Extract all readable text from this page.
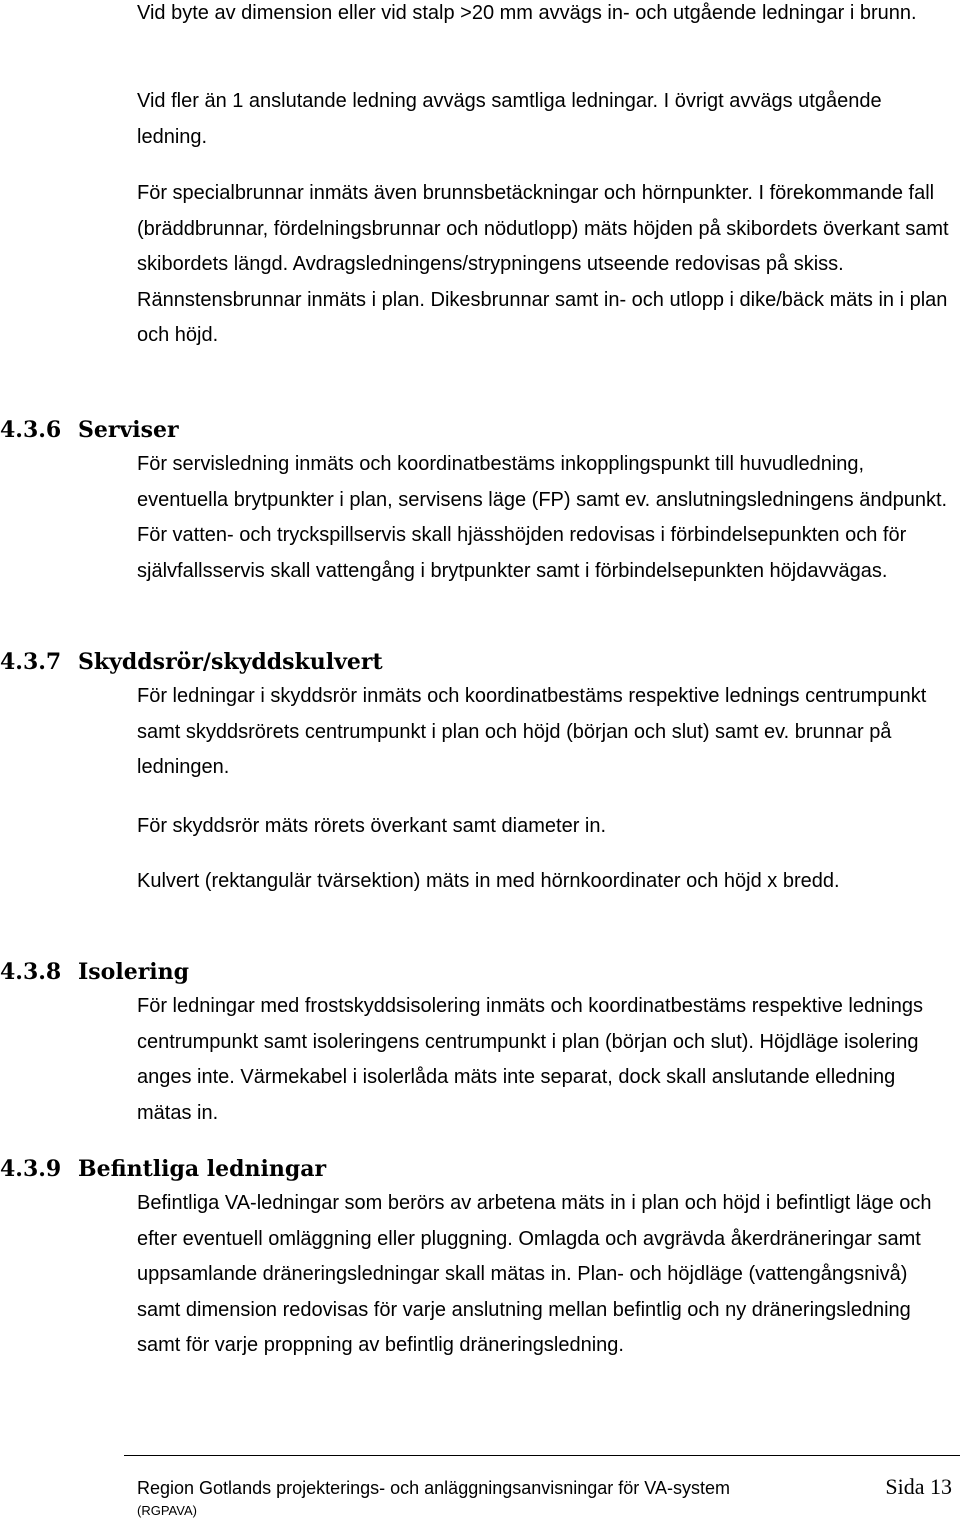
Vid byte av dimension eller vid stalp >20 mm avvägs in- och utgående ledningar i brunn.

Vid fler än 1 anslutande ledning avvägs samtliga ledningar. I övrigt avvägs utgående ledning.

För specialbrunnar inmäts även brunnsbetäckningar och hörnpunkter. I förekommande fall (bräddbrunnar, fördelningsbrunnar och nödutlopp) mäts höjden på skibordets överkant samt skibordets längd. Avdragsledningens/strypningens utseende redovisas på skiss. Rännstensbrunnar inmäts i plan. Dikesbrunnar samt in- och utlopp i dike/bäck mäts in i plan och höjd.

4.3.6 Serviser

För servisledning inmäts och koordinatbestäms inkopplingspunkt till huvudledning, eventuella brytpunkter i plan, servisens läge (FP) samt ev. anslutningsledningens ändpunkt. För vatten- och tryckspillservis skall hjässhöjden redovisas i förbindelsepunkten och för självfallsservis skall vattengång i brytpunkter samt i förbindelsepunkten höjdavvägas.

4.3.7 Skyddsrör/skyddskulvert

För ledningar i skyddsrör inmäts och koordinatbestäms respektive lednings centrumpunkt samt skyddsrörets centrumpunkt i plan och höjd (början och slut) samt ev. brunnar på ledningen.

För skyddsrör mäts rörets överkant samt diameter in.

Kulvert (rektangulär tvärsektion) mäts in med hörnkoordinater och höjd x bredd.

4.3.8 Isolering

För ledningar med frostskyddsisolering inmäts och koordinatbestäms respektive lednings centrumpunkt samt isoleringens centrumpunkt i plan (början och slut). Höjdläge isolering anges inte. Värmekabel i isolerlåda mäts inte separat, dock skall anslutande elledning mätas in.

4.3.9 Befintliga ledningar

Befintliga VA-ledningar som berörs av arbetena mäts in i plan och höjd i befintligt läge och efter eventuell omläggning eller pluggning. Omlagda och avgrävda åkerdräneringar samt uppsamlande dräneringsledningar skall mätas in. Plan- och höjdläge (vattengångsnivå) samt dimension redovisas för varje anslutning mellan befintlig och ny dräneringsledning samt för varje proppning av befintlig dräneringsledning.

Region Gotlands projekterings- och anläggningsanvisningar för VA-system
(RGPAVA)
Sida 13
